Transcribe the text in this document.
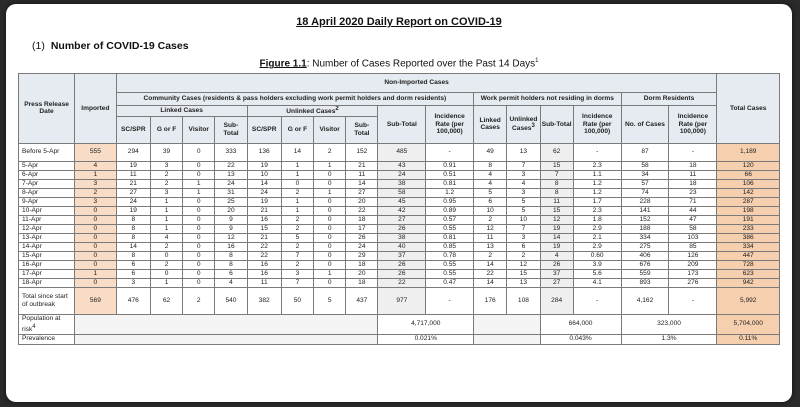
18 April 2020 Daily Report on COVID-19
(1) Number of COVID-19 Cases
Figure 1.1: Number of Cases Reported over the Past 14 Days$^1$
Press Release Date	Imported	Non-Imported Cases																Total Cases
		Community Cases (residents & pass holders excluding work permit holders and dorm residents)										Work permit holders not residing in dorms				Dorm Residents		
		Linked Cases				Unlinked Cases$^2$				Sub-Total	Incidence Rate (per 100,000)	Linked Cases	Unlinked Cases$^3$	Sub-Total	Incidence Rate (per 100,000)	No. of Cases	Incidence Rate (per 100,000)	
		SC/SPR	G or F	Visitor	Sub-Total	SC/SPR	G or F	Visitor	Sub-Total									
Before 5-Apr	555	294	39	0	333	136	14	2	152	485	-	49	13	62	-	87	-	1,189
5-Apr	4	19	3	0	22	19	1	1	21	43	0.91	8	7	15	2.3	58	18	120
6-Apr	1	11	2	0	13	10	1	0	11	24	0.51	4	3	7	1.1	34	11	66
7-Apr	3	21	2	1	24	14	0	0	14	38	0.81	4	4	8	1.2	57	18	106
8-Apr	2	27	3	1	31	24	2	1	27	58	1.2	5	3	8	1.2	74	23	142
9-Apr	3	24	1	0	25	19	1	0	20	45	0.95	6	5	11	1.7	228	71	287
10-Apr	0	19	1	0	20	21	1	0	22	42	0.89	10	5	15	2.3	141	44	198
11-Apr	0	8	1	0	9	16	2	0	18	27	0.57	2	10	12	1.8	152	47	191
12-Apr	0	8	1	0	9	15	2	0	17	26	0.55	12	7	19	2.9	188	58	233
13-Apr	0	8	4	0	12	21	5	0	26	38	0.81	11	3	14	2.1	334	103	386
14-Apr	0	14	2	0	16	22	2	0	24	40	0.85	13	6	19	2.9	275	85	334
15-Apr	0	8	0	0	8	22	7	0	29	37	0.78	2	2	4	0.60	406	126	447
16-Apr	0	6	2	0	8	16	2	0	18	26	0.55	14	12	26	3.9	676	209	728
17-Apr	1	6	0	0	6	16	3	1	20	26	0.55	22	15	37	5.6	559	173	623
18-Apr	0	3	1	0	4	11	7	0	18	22	0.47	14	13	27	4.1	893	276	942
Total since start of outbreak	569	476	62	2	540	382	50	5	437	977	-	176	108	284	-	4,162	-	5,992
Population at risk$^4$										4,717,000				664,000		323,000		5,704,000
Prevalence										0.021%				0.043%		1.3%		0.11%
